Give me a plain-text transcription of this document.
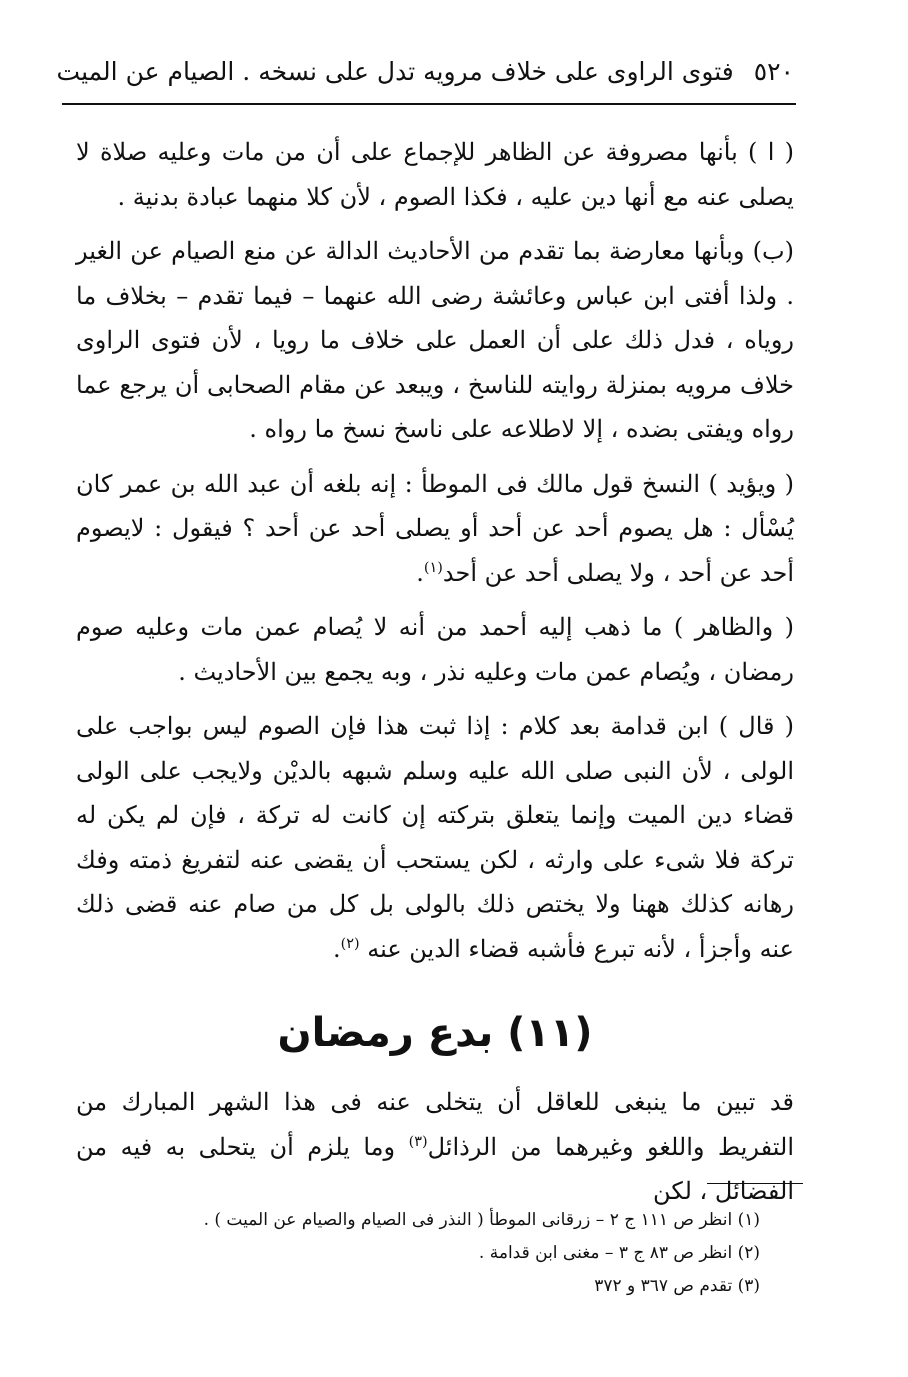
٥٢٠ فتوى الراوى على خلاف مرويه تدل على نسخه . الصيام عن الميت

( ا ) بأنها مصروفة عن الظاهر للإجماع على أن من مات وعليه صلاة لا يصلى عنه مع أنها دين عليه ، فكذا الصوم ، لأن كلا منهما عبادة بدنية .

(ب) وبأنها معارضة بما تقدم من الأحاديث الدالة عن منع الصيام عن الغير . ولذا أفتى ابن عباس وعائشة رضى الله عنهما – فيما تقدم – بخلاف ما روياه ، فدل ذلك على أن العمل على خلاف ما رويا ، لأن فتوى الراوى خلاف مرويه بمنزلة روايته للناسخ ، ويبعد عن مقام الصحابى أن يرجع عما رواه ويفتى بضده ، إلا لاطلاعه على ناسخ نسخ ما رواه .

( ويؤيد ) النسخ قول مالك فى الموطأ : إنه بلغه أن عبد الله بن عمر كان يُسْأل : هل يصوم أحد عن أحد أو يصلى أحد عن أحد ؟ فيقول : لايصوم أحد عن أحد ، ولا يصلى أحد عن أحد$^{(١)}$.

( والظاهر ) ما ذهب إليه أحمد من أنه لا يُصام عمن مات وعليه صوم رمضان ، ويُصام عمن مات وعليه نذر ، وبه يجمع بين الأحاديث .

( قال ) ابن قدامة بعد كلام : إذا ثبت هذا فإن الصوم ليس بواجب على الولى ، لأن النبى صلى الله عليه وسلم شبهه بالديْن ولايجب على الولى قضاء دين الميت وإنما يتعلق بتركته إن كانت له تركة ، فإن لم يكن له تركة فلا شىء على وارثه ، لكن يستحب أن يقضى عنه لتفريغ ذمته وفك رهانه كذلك ههنا ولا يختص ذلك بالولى بل كل من صام عنه قضى ذلك عنه وأجزأ ، لأنه تبرع فأشبه قضاء الدين عنه $^{(٢)}$.

(١١) بدع رمضان

قد تبين ما ينبغى للعاقل أن يتخلى عنه فى هذا الشهر المبارك من التفريط واللغو وغيرهما من الرذائل$^{(٣)}$ وما يلزم أن يتحلى به فيه من الفضائل ، لكن

(١) انظر ص ١١١ ج ٢ – زرقانى الموطأ ( النذر فى الصيام والصيام عن الميت ) .
(٢) انظر ص ٨٣ ج ٣ – مغنى ابن قدامة .
(٣) تقدم ص ٣٦٧ و ٣٧٢
